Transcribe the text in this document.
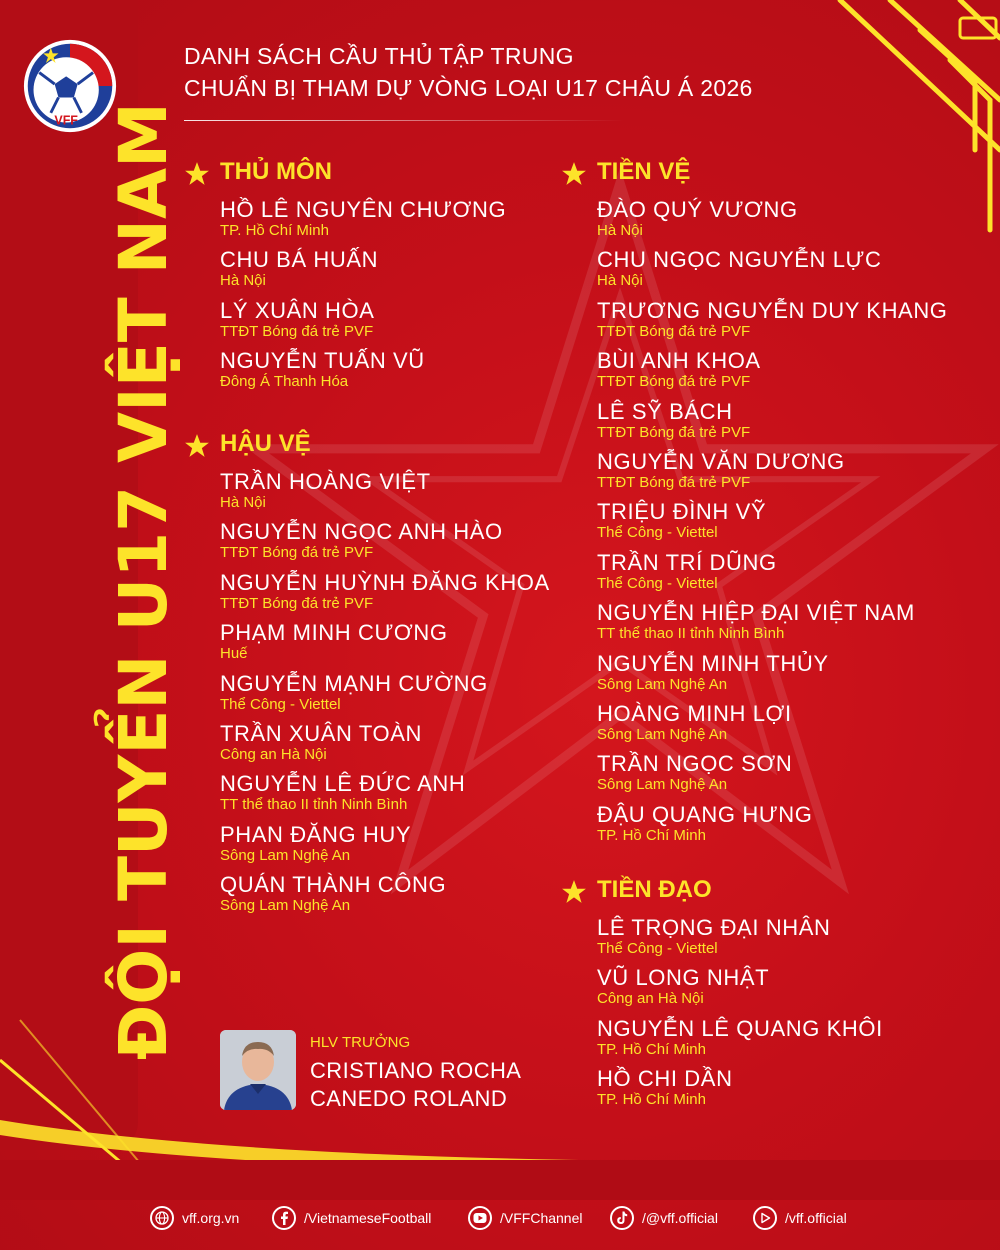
VFF ĐỘI TUYỂN U17 VIỆT NAM
DANH SÁCH CẦU THỦ TẬP TRUNG
CHUẨN BỊ THAM DỰ VÒNG LOẠI U17 CHÂU Á 2026
THỦ MÔN
HỒ LÊ NGUYÊN CHƯƠNG
TP. Hồ Chí Minh
CHU BÁ HUẤN
Hà Nội
LÝ XUÂN HÒA
TTĐT Bóng đá trẻ PVF
NGUYỄN TUẤN VŨ
Đông Á Thanh Hóa
HẬU VỆ
TRẦN HOÀNG VIỆT
Hà Nội
NGUYỄN NGỌC ANH HÀO
TTĐT Bóng đá trẻ PVF
NGUYỄN HUỲNH ĐĂNG KHOA
TTĐT Bóng đá trẻ PVF
PHẠM MINH CƯƠNG
Huế
NGUYỄN MẠNH CƯỜNG
Thể Công - Viettel
TRẦN XUÂN TOÀN
Công an Hà Nội
NGUYỄN LÊ ĐỨC ANH
TT thể thao II tỉnh Ninh Bình
PHAN ĐĂNG HUY
Sông Lam Nghệ An
QUÁN THÀNH CÔNG
Sông Lam Nghệ An
TIỀN VỆ
ĐÀO QUÝ VƯƠNG
Hà Nội
CHU NGỌC NGUYỄN LỰC
Hà Nội
TRƯƠNG NGUYỄN DUY KHANG
TTĐT Bóng đá trẻ PVF
BÙI ANH KHOA
TTĐT Bóng đá trẻ PVF
LÊ SỸ BÁCH
TTĐT Bóng đá trẻ PVF
NGUYỄN VĂN DƯƠNG
TTĐT Bóng đá trẻ PVF
TRIỆU ĐÌNH VỸ
Thể Công - Viettel
TRẦN TRÍ DŨNG
Thể Công - Viettel
NGUYỄN HIỆP ĐẠI VIỆT NAM
TT thể thao II tỉnh Ninh Bình
NGUYỄN MINH THỦY
Sông Lam Nghệ An
HOÀNG MINH LỢI
Sông Lam Nghệ An
TRẦN NGỌC SƠN
Sông Lam Nghệ An
ĐẬU QUANG HƯNG
TP. Hồ Chí Minh
TIỀN ĐẠO
LÊ TRỌNG ĐẠI NHÂN
Thể Công - Viettel
VŨ LONG NHẬT
Công an Hà Nội
NGUYỄN LÊ QUANG KHÔI
TP. Hồ Chí Minh
HỒ CHI DẦN
TP. Hồ Chí Minh
HLV TRƯỞNG
CRISTIANO ROCHA
CANEDO ROLAND
vff.org.vn	/VietnameseFootball	/VFFChannel	/@vff.official	/vff.official
